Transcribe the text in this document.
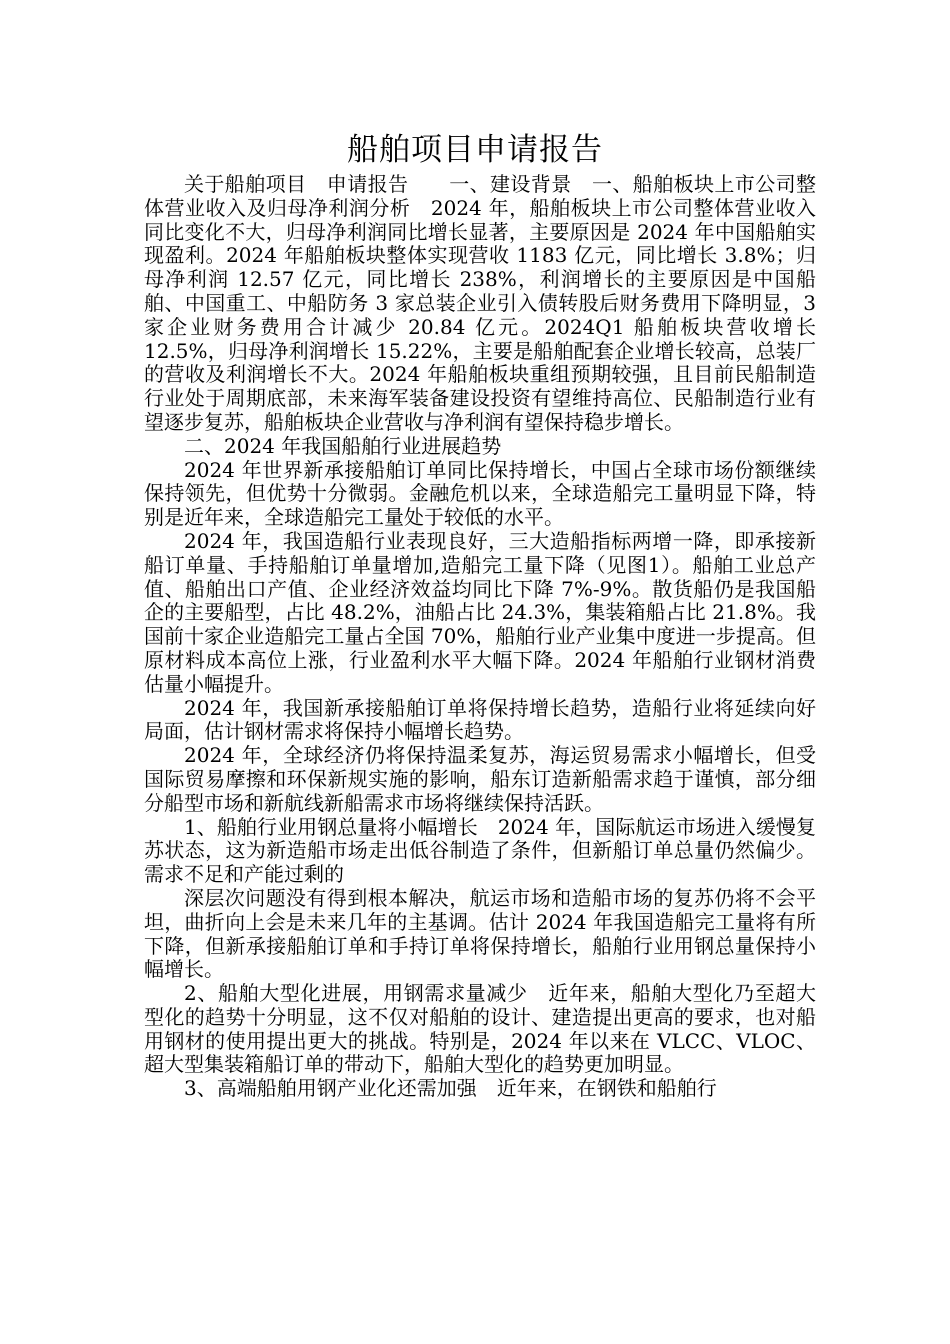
船舶项目申请报告

关于船舶项目　申请报告　　一、建设背景　一、船舶板块上市公司整体营业收入及归母净利润分析　2024 年，船舶板块上市公司整体营业收入同比变化不大，归母净利润同比增长显著，主要原因是 2024 年中国船舶实现盈利。2024 年船舶板块整体实现营收 1183 亿元，同比增长 3.8%；归母净利润 12.57 亿元，同比增长 238%，利润增长的主要原因是中国船舶、中国重工、中船防务 3 家总装企业引入债转股后财务费用下降明显，3 家企业财务费用合计减少 20.84 亿元。2024Q1 船舶板块营收增长 12.5%，归母净利润增长 15.22%，主要是船舶配套企业增长较高，总装厂的营收及利润增长不大。2024 年船舶板块重组预期较强，且目前民船制造行业处于周期底部，未来海军装备建设投资有望维持高位、民船制造行业有望逐步复苏，船舶板块企业营收与净利润有望保持稳步增长。

二、2024 年我国船舶行业进展趋势

2024 年世界新承接船舶订单同比保持增长，中国占全球市场份额继续保持领先，但优势十分微弱。金融危机以来，全球造船完工量明显下降，特别是近年来，全球造船完工量处于较低的水平。

2024 年，我国造船行业表现良好，三大造船指标两增一降，即承接新船订单量、手持船舶订单量增加,造船完工量下降（见图1）。船舶工业总产值、船舶出口产值、企业经济效益均同比下降 7%-9%。散货船仍是我国船企的主要船型，占比 48.2%，油船占比 24.3%，集装箱船占比 21.8%。我国前十家企业造船完工量占全国 70%，船舶行业产业集中度进一步提高。但原材料成本高位上涨，行业盈利水平大幅下降。2024 年船舶行业钢材消费估量小幅提升。

2024 年，我国新承接船舶订单将保持增长趋势，造船行业将延续向好局面，估计钢材需求将保持小幅增长趋势。

2024 年，全球经济仍将保持温柔复苏，海运贸易需求小幅增长，但受国际贸易摩擦和环保新规实施的影响，船东订造新船需求趋于谨慎，部分细分船型市场和新航线新船需求市场将继续保持活跃。

1、船舶行业用钢总量将小幅增长　2024 年，国际航运市场进入缓慢复苏状态，这为新造船市场走出低谷制造了条件，但新船订单总量仍然偏少。需求不足和产能过剩的

深层次问题没有得到根本解决，航运市场和造船市场的复苏仍将不会平坦，曲折向上会是未来几年的主基调。估计 2024 年我国造船完工量将有所下降，但新承接船舶订单和手持订单将保持增长，船舶行业用钢总量保持小幅增长。

2、船舶大型化进展，用钢需求量减少　近年来，船舶大型化乃至超大型化的趋势十分明显，这不仅对船舶的设计、建造提出更高的要求，也对船用钢材的使用提出更大的挑战。特别是，2024 年以来在 VLCC、VLOC、超大型集装箱船订单的带动下，船舶大型化的趋势更加明显。

3、高端船舶用钢产业化还需加强　近年来，在钢铁和船舶行
